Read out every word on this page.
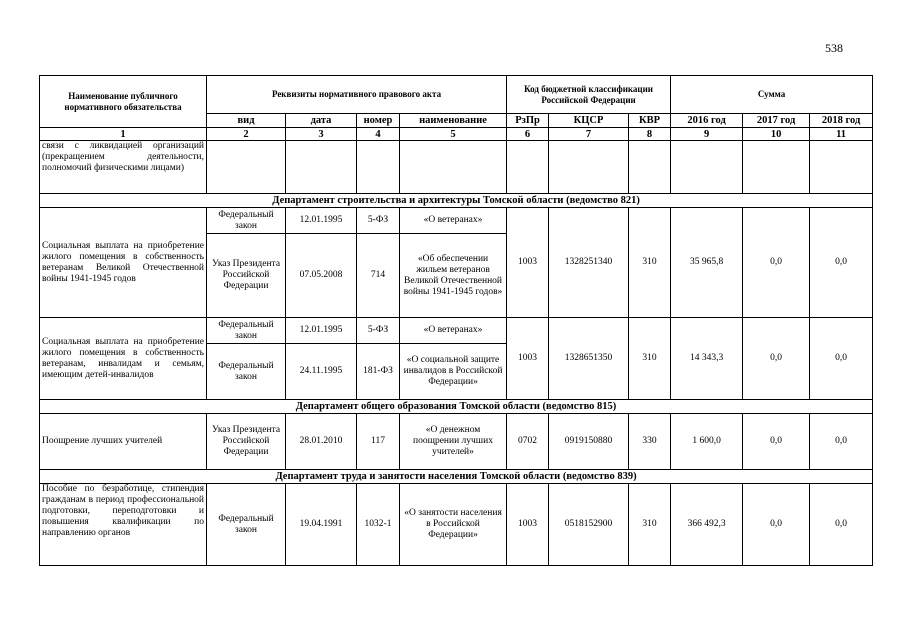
538
Наименование публичного нормативного обязательства	Реквизиты нормативного правового акта				Код бюджетной классификации Российской Федерации			Сумма		
	вид	дата	номер	наименование	РзПр	КЦСР	КВР	2016 год	2017 год	2018 год
1	2	3	4	5	6	7	8	9	10	11
связи с ликвидацией организаций (прекращением деятельности, полномочий физическими лицами)										
Департамент строительства и архитектуры Томской области (ведомство 821)										
Социальная выплата на приобретение жилого помещения в собственность ветеранам Великой Отечественной войны 1941-1945 годов	Федеральный закон	12.01.1995	5-ФЗ	«О ветеранах»	1003	1328251340	310	35 965,8	0,0	0,0
	Указ Президента Российской Федерации	07.05.2008	714	«Об обеспечении жильем ветеранов Великой Отечественной войны 1941-1945 годов»						
Социальная выплата на приобретение жилого помещения в собственность ветеранам, инвалидам и семьям, имеющим детей-инвалидов	Федеральный закон	12.01.1995	5-ФЗ	«О ветеранах»	1003	1328651350	310	14 343,3	0,0	0,0
	Федеральный закон	24.11.1995	181-ФЗ	«О социальной защите инвалидов в Российской Федерации»						
Департамент общего образования Томской области (ведомство 815)										
Поощрение лучших учителей	Указ Президента Российской Федерации	28.01.2010	117	«О денежном поощрении лучших учителей»	0702	0919150880	330	1 600,0	0,0	0,0
Департамент труда и занятости населения Томской области (ведомство 839)										
Пособие по безработице, стипендия гражданам в период профессиональной подготовки, переподготовки и повышения квалификации по направлению органов	Федеральный закон	19.04.1991	1032-1	«О занятости населения в Российской Федерации»	1003	0518152900	310	366 492,3	0,0	0,0
